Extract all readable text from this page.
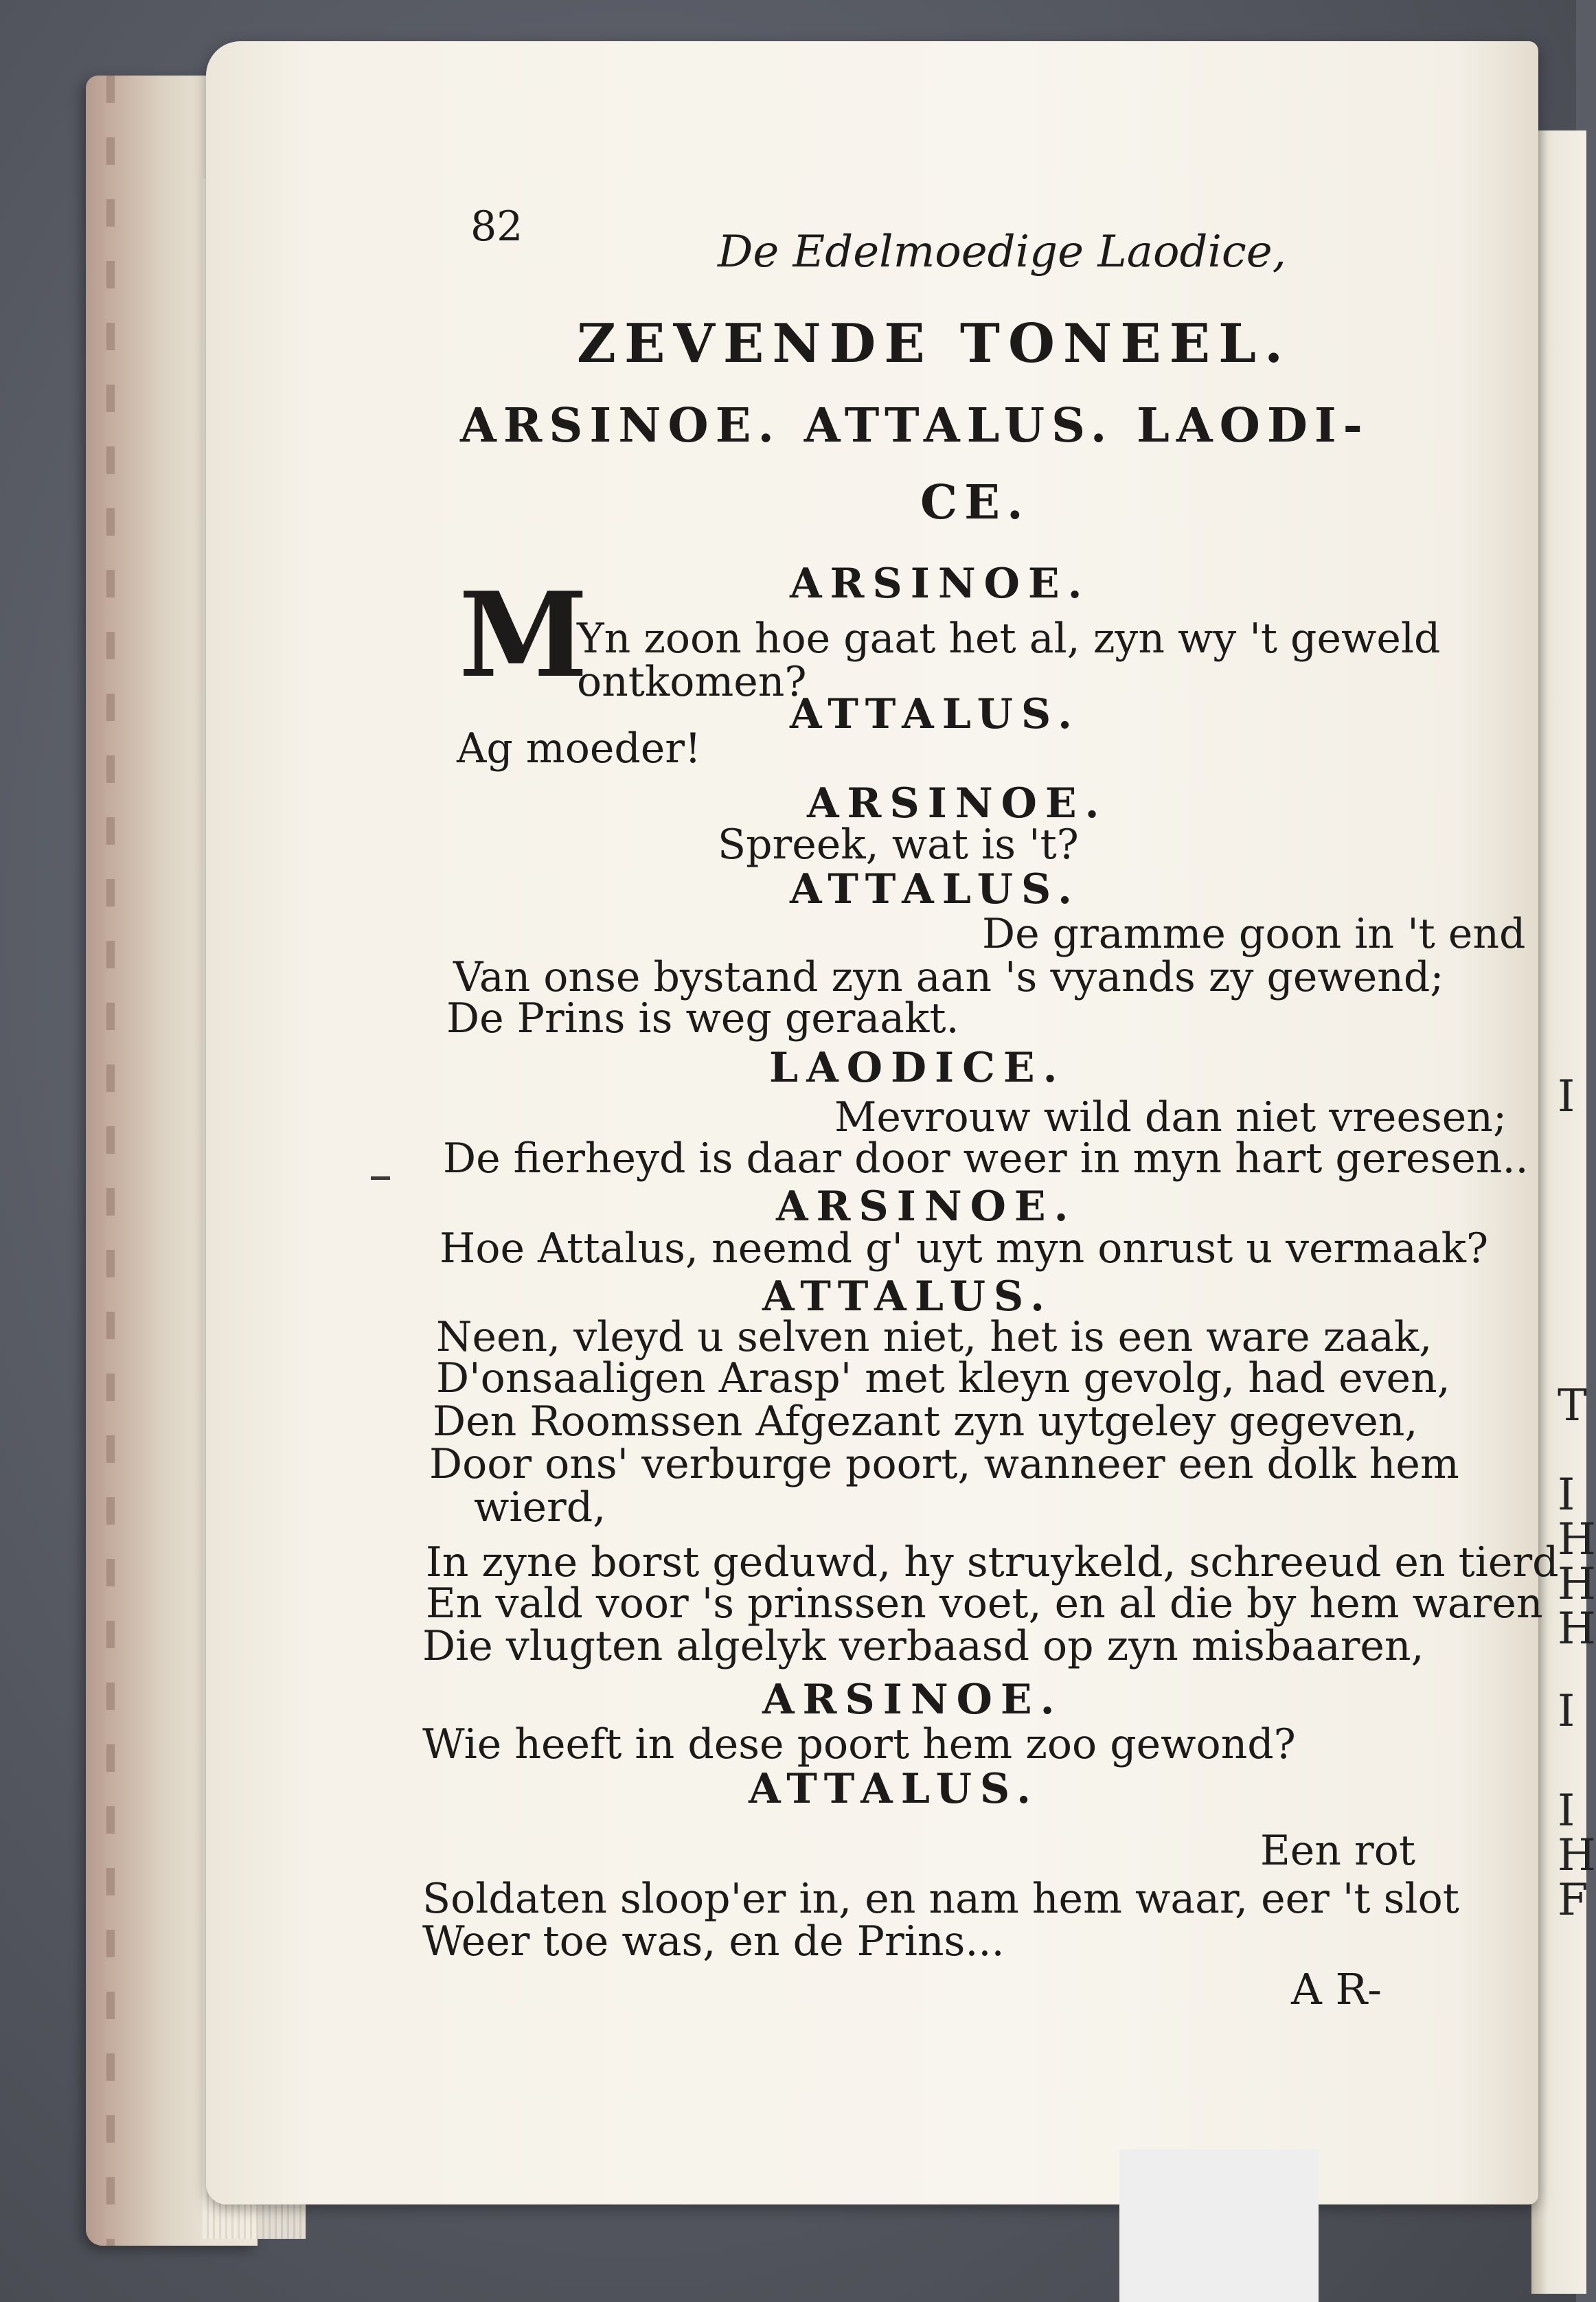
82	De Edelmoedige Laodice,
ZEVENDE TONEEL.
ARSINOE. ATTALUS. LAODI-
CE.
M	ARSINOE.
Yn zoon hoe gaat het al, zyn wy 't geweld
ontkomen?
ATTALUS.
Ag moeder!
ARSINOE.
Spreek, wat is 't?
ATTALUS.
De gramme goon in 't end
Van onse bystand zyn aan 's vyands zy gewend;
De Prins is weg geraakt.
LAODICE.
Mevrouw wild dan niet vreesen;
De fierheyd is daar door weer in myn hart geresen..
ARSINOE.
Hoe Attalus, neemd g' uyt myn onrust u vermaak?
ATTALUS.
Neen, vleyd u selven niet, het is een ware zaak,
D'onsaaligen Arasp' met kleyn gevolg, had even,
Den Roomssen Afgezant zyn uytgeley gegeven,
Door ons' verburge poort, wanneer een dolk hem
wierd,
In zyne borst geduwd, hy struykeld, schreeud en tierd
En vald voor 's prinssen voet, en al die by hem waren
Die vlugten algelyk verbaasd op zyn misbaaren,
ARSINOE.
Wie heeft in dese poort hem zoo gewond?
ATTALUS.
Een rot
Soldaten sloop'er in, en nam hem waar, eer 't slot
Weer toe was, en de Prins...
A R-
I
T
I
H
H
H
I
I
H
F
